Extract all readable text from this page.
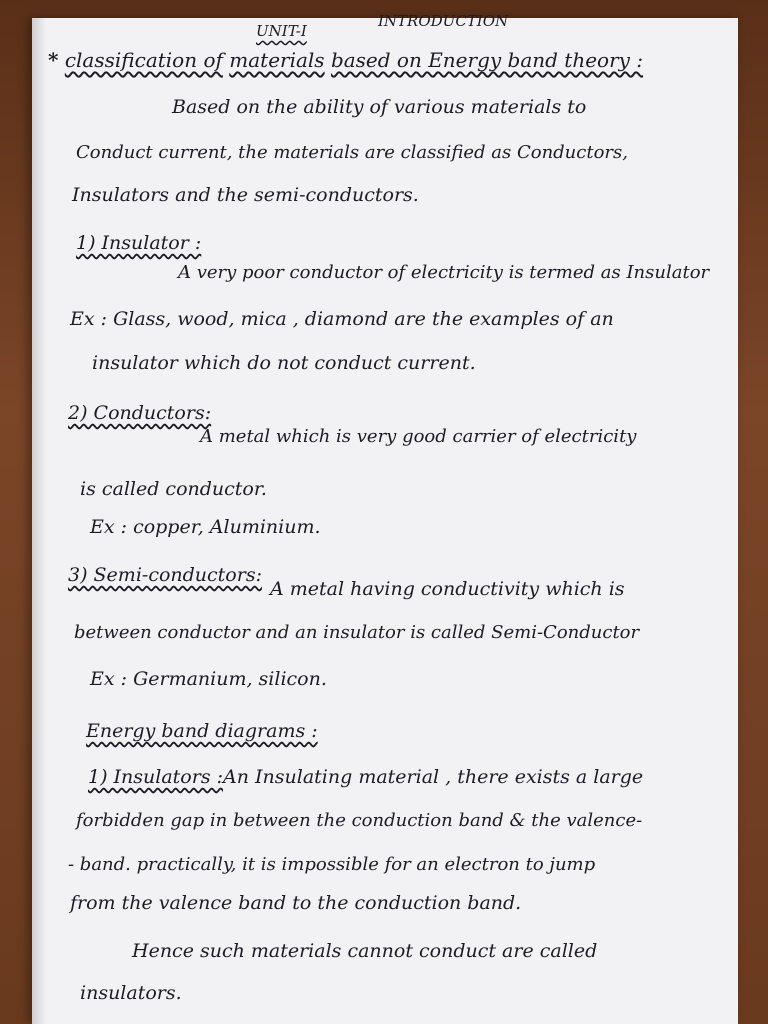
UNIT-I
INTRODUCTION
* classification of materials based on Energy band theory :
Based on the ability of various materials to
Conduct current, the materials are classified as Conductors,
Insulators and the semi-conductors.
1) Insulator :
A very poor conductor of electricity is termed as Insulator
Ex : Glass, wood, mica , diamond are the examples of an
insulator which do not conduct current.
2) Conductors:
A metal which is very good carrier of electricity
is called conductor.
Ex : copper, Aluminium.
3) Semi-conductors:
A metal having conductivity which is
between conductor and an insulator is called Semi-Conductor
Ex : Germanium, silicon.
Energy band diagrams :
1) Insulators :An Insulating material , there exists a large
forbidden gap in between the conduction band & the valence-
- band. practically, it is impossible for an electron to jump
from the valence band to the conduction band.
Hence such materials cannot conduct are called
insulators.
